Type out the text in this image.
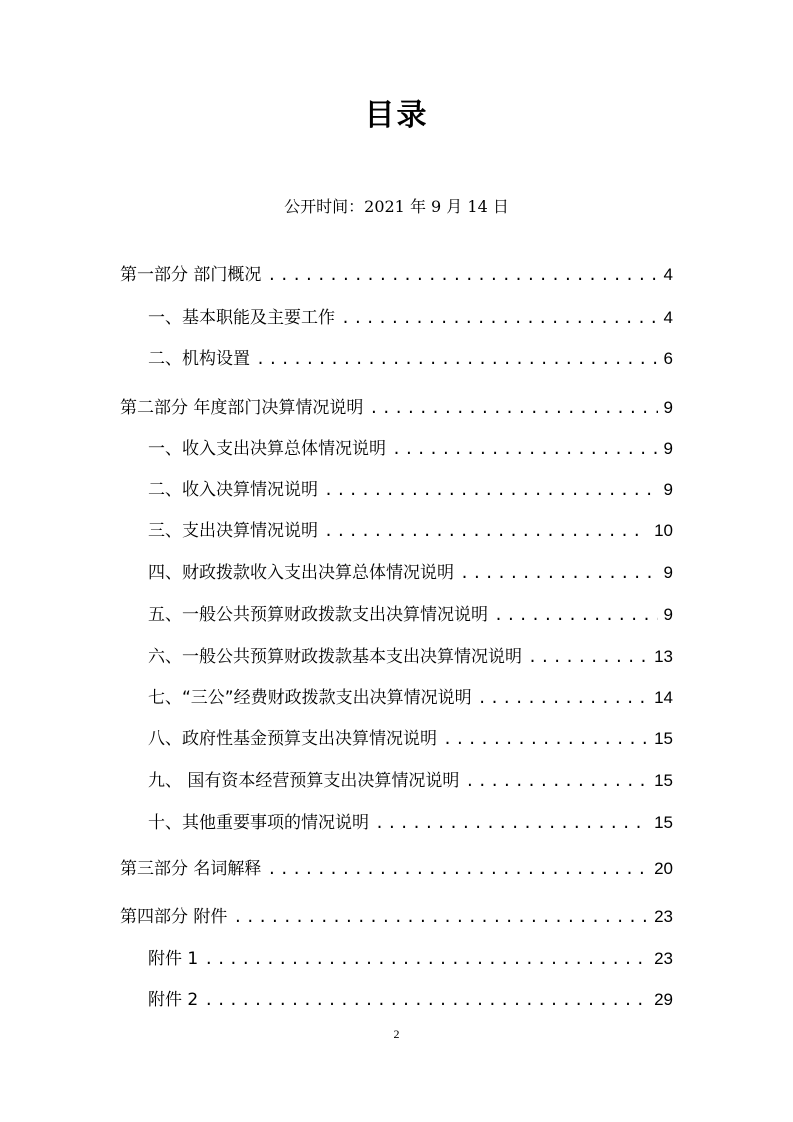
目录
公开时间：2021 年 9 月 14 日
第一部分 部门概况 .....	4
一、基本职能及主要工作 .....	4
二、机构设置 .....	6
第二部分 年度部门决算情况说明 .....	9
一、收入支出决算总体情况说明 .....	9
二、收入决算情况说明 .....	9
三、支出决算情况说明 .....	10
四、财政拨款收入支出决算总体情况说明 .....	9
五、一般公共预算财政拨款支出决算情况说明 .....	9
六、一般公共预算财政拨款基本支出决算情况说明 .....	13
七、“三公”经费财政拨款支出决算情况说明 .....	14
八、政府性基金预算支出决算情况说明 .....	15
九、 国有资本经营预算支出决算情况说明 .....	15
十、其他重要事项的情况说明 .....	15
第三部分 名词解释 .....	20
第四部分 附件 .....	23
附件 1 .....	23
附件 2 .....	29
2
